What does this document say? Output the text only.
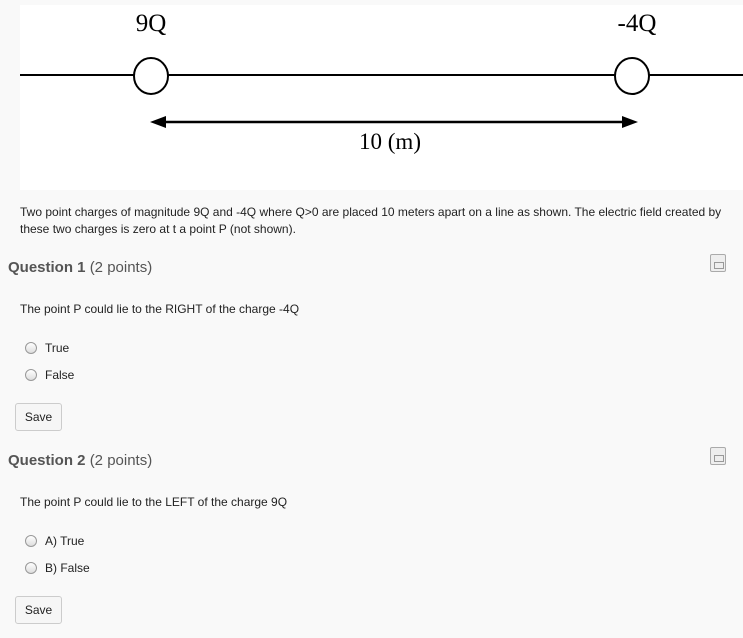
9Q	-4Q
10 (m)
Two point charges of magnitude 9Q and -4Q where Q>0 are placed 10 meters apart on a line as shown. The electric field created by these two charges is zero at t a point P (not shown).
Question 1 (2 points)
The point P could lie to the RIGHT of the charge -4Q
True
False
Save
Question 2 (2 points)
The point P could lie to the LEFT of the charge 9Q
A) True
B) False
Save
